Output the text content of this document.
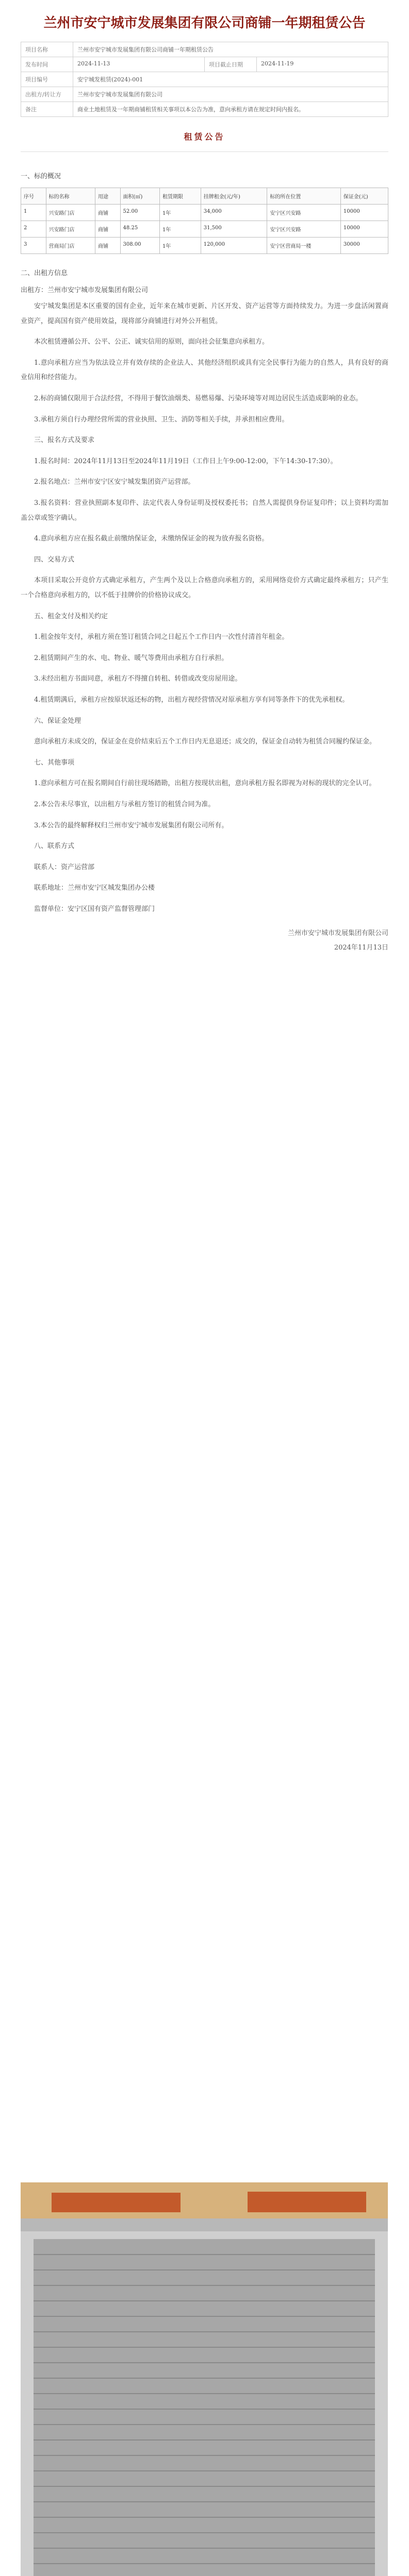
兰州市安宁城市发展集团有限公司商铺一年期租赁公告
项目名称	兰州市安宁城市发展集团有限公司商铺一年期租赁公告		
发布时间	2024-11-13	项目截止日期	2024-11-19
项目编号	安宁城发租赁(2024)-001		
出租方/转让方	兰州市安宁城市发展集团有限公司		
备注	商业土地租赁及一年期商铺租赁相关事项以本公告为准，意向承租方请在规定时间内报名。		
租赁公告
一、标的概况
序号	标的名称	用途	面积(㎡)	租赁期限	挂牌租金(元/年)	标的所在位置	保证金(元)
1	兴安路门店	商铺	52.00	1年	34,000	安宁区兴安路	10000
2	兴安路门店	商铺	48.25	1年	31,500	安宁区兴安路	10000
3	营商局门店	商铺	308.00	1年	120,000	安宁区营商局一楼	30000
二、出租方信息
出租方：兰州市安宁城市发展集团有限公司

安宁城发集团是本区重要的国有企业，近年来在城市更新、片区开发、资产运营等方面持续发力。为进一步盘活闲置商业资产，提高国有资产使用效益，现将部分商铺进行对外公开租赁。

本次租赁遵循公开、公平、公正、诚实信用的原则，面向社会征集意向承租方。

1.意向承租方应当为依法设立并有效存续的企业法人、其他经济组织或具有完全民事行为能力的自然人，具有良好的商业信用和经营能力。

2.标的商铺仅限用于合法经营，不得用于餐饮油烟类、易燃易爆、污染环境等对周边居民生活造成影响的业态。

3.承租方须自行办理经营所需的营业执照、卫生、消防等相关手续，并承担相应费用。

三、报名方式及要求

1.报名时间：2024年11月13日至2024年11月19日（工作日上午9:00-12:00，下午14:30-17:30）。

2.报名地点：兰州市安宁区安宁城发集团资产运营部。

3.报名资料：营业执照副本复印件、法定代表人身份证明及授权委托书；自然人需提供身份证复印件；以上资料均需加盖公章或签字确认。

4.意向承租方应在报名截止前缴纳保证金，未缴纳保证金的视为放弃报名资格。

四、交易方式

本项目采取公开竞价方式确定承租方，产生两个及以上合格意向承租方的，采用网络竞价方式确定最终承租方；只产生一个合格意向承租方的，以不低于挂牌价的价格协议成交。

五、租金支付及相关约定

1.租金按年支付，承租方须在签订租赁合同之日起五个工作日内一次性付清首年租金。

2.租赁期间产生的水、电、物业、暖气等费用由承租方自行承担。

3.未经出租方书面同意，承租方不得擅自转租、转借或改变房屋用途。

4.租赁期满后，承租方应按原状返还标的物，出租方视经营情况对原承租方享有同等条件下的优先承租权。

六、保证金处理

意向承租方未成交的，保证金在竞价结束后五个工作日内无息退还；成交的，保证金自动转为租赁合同履约保证金。

七、其他事项

1.意向承租方可在报名期间自行前往现场踏勘，出租方按现状出租，意向承租方报名即视为对标的现状的完全认可。

2.本公告未尽事宜，以出租方与承租方签订的租赁合同为准。

3.本公告的最终解释权归兰州市安宁城市发展集团有限公司所有。

八、联系方式

联系人：资产运营部

联系地址：兰州市安宁区城发集团办公楼

监督单位：安宁区国有资产监督管理部门

兰州市安宁城市发展集团有限公司
2024年11月13日
